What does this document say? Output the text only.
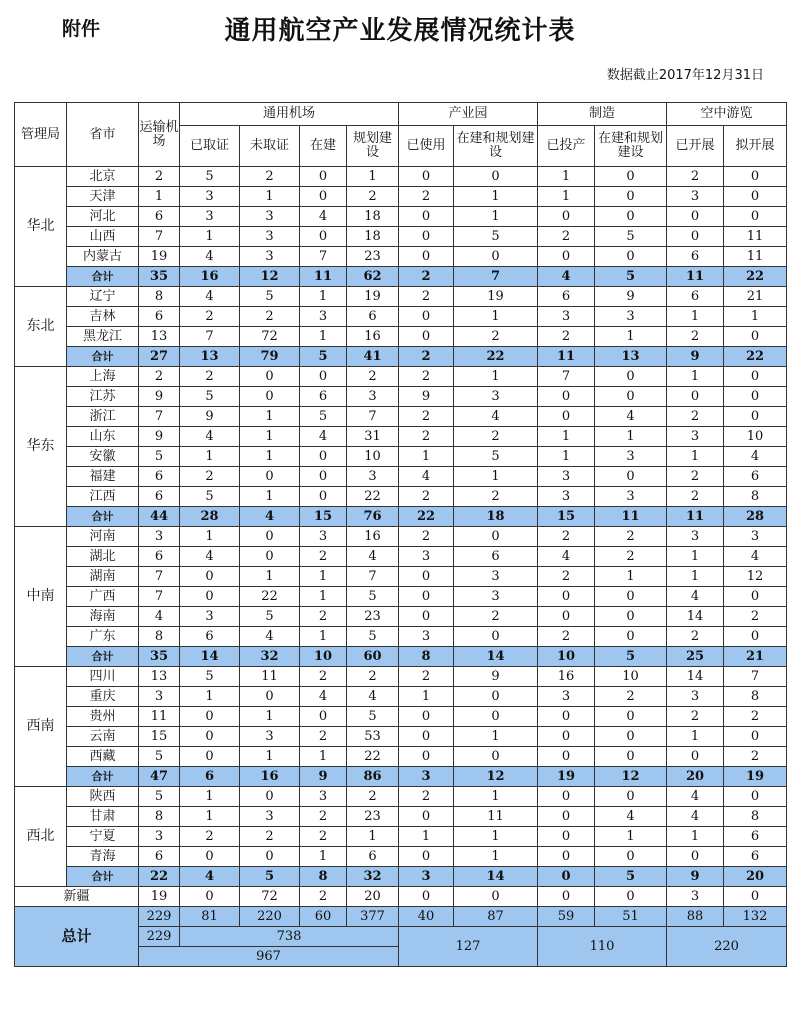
附件	通用航空产业发展情况统计表
数据截止2017年12月31日
管理局	省市	运输机场	通用机场				产业园		制造		空中游览	
			已取证	未取证	在建	规划建设	已使用	在建和规划建设	已投产	在建和规划建设	已开展	拟开展
华北	北京	2	5	2	0	1	0	0	1	0	2	0
	天津	1	3	1	0	2	2	1	1	0	3	0
	河北	6	3	3	4	18	0	1	0	0	0	0
	山西	7	1	3	0	18	0	5	2	5	0	11
	内蒙古	19	4	3	7	23	0	0	0	0	6	11
	合计	35	16	12	11	62	2	7	4	5	11	22
东北	辽宁	8	4	5	1	19	2	19	6	9	6	21
	吉林	6	2	2	3	6	0	1	3	3	1	1
	黑龙江	13	7	72	1	16	0	2	2	1	2	0
	合计	27	13	79	5	41	2	22	11	13	9	22
华东	上海	2	2	0	0	2	2	1	7	0	1	0
	江苏	9	5	0	6	3	9	3	0	0	0	0
	浙江	7	9	1	5	7	2	4	0	4	2	0
	山东	9	4	1	4	31	2	2	1	1	3	10
	安徽	5	1	1	0	10	1	5	1	3	1	4
	福建	6	2	0	0	3	4	1	3	0	2	6
	江西	6	5	1	0	22	2	2	3	3	2	8
	合计	44	28	4	15	76	22	18	15	11	11	28
中南	河南	3	1	0	3	16	2	0	2	2	3	3
	湖北	6	4	0	2	4	3	6	4	2	1	4
	湖南	7	0	1	1	7	0	3	2	1	1	12
	广西	7	0	22	1	5	0	3	0	0	4	0
	海南	4	3	5	2	23	0	2	0	0	14	2
	广东	8	6	4	1	5	3	0	2	0	2	0
	合计	35	14	32	10	60	8	14	10	5	25	21
西南	四川	13	5	11	2	2	2	9	16	10	14	7
	重庆	3	1	0	4	4	1	0	3	2	3	8
	贵州	11	0	1	0	5	0	0	0	0	2	2
	云南	15	0	3	2	53	0	1	0	0	1	0
	西藏	5	0	1	1	22	0	0	0	0	0	2
	合计	47	6	16	9	86	3	12	19	12	20	19
西北	陕西	5	1	0	3	2	2	1	0	0	4	0
	甘肃	8	1	3	2	23	0	11	0	4	4	8
	宁夏	3	2	2	2	1	1	1	0	1	1	6
	青海	6	0	0	1	6	0	1	0	0	0	6
	合计	22	4	5	8	32	3	14	0	5	9	20
新疆		19	0	72	2	20	0	0	0	0	3	0
总计		229	81	220	60	377	40	87	59	51	88	132
		229	738				127		110		220	
		967										
